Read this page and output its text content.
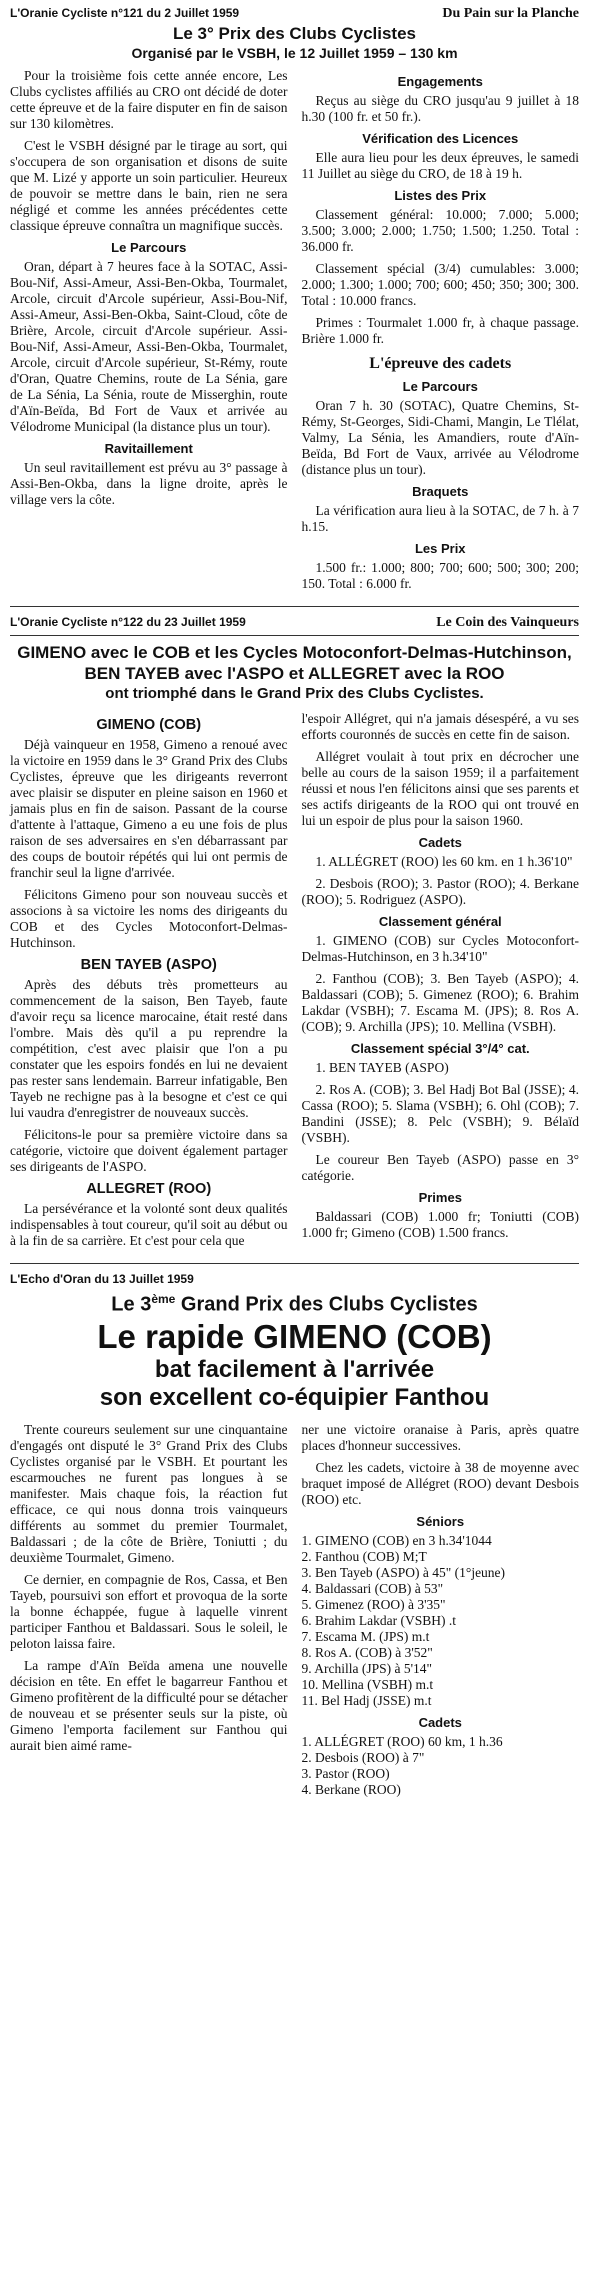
L'Oranie Cycliste n°121 du 2 Juillet 1959	Du Pain sur la Planche
Le 3° Prix des Clubs Cyclistes
Organisé par le VSBH, le 12 Juillet 1959 – 130 km

Pour la troisième fois cette année encore, Les Clubs cyclistes affiliés au CRO ont décidé de doter cette épreuve et de la faire disputer en fin de saison sur 130 kilomètres.

C'est le VSBH désigné par le tirage au sort, qui s'occupera de son organisation et disons de suite que M. Lizé y apporte un soin particulier. Heureux de pouvoir se mettre dans le bain, rien ne sera négligé et comme les années précédentes cette classique épreuve connaîtra un magnifique succès.

Le Parcours

Oran, départ à 7 heures face à la SOTAC, Assi-Bou-Nif, Assi-Ameur, Assi-Ben-Okba, Tourmalet, Arcole, circuit d'Arcole supérieur, Assi-Bou-Nif, Assi-Ameur, Assi-Ben-Okba, Saint-Cloud, côte de Brière, Arcole, circuit d'Arcole supérieur. Assi-Bou-Nif, Assi-Ameur, Assi-Ben-Okba, Tourmalet, Arcole, circuit d'Arcole supérieur, St-Rémy, route d'Oran, Quatre Chemins, route de La Sénia, gare de La Sénia, La Sénia, route de Misserghin, route d'Aïn-Beïda, Bd Fort de Vaux et arrivée au Vélodrome Municipal (la distance plus un tour).

Ravitaillement

Un seul ravitaillement est prévu au 3° passage à Assi-Ben-Okba, dans la ligne droite, après le village vers la côte.

Engagements

Reçus au siège du CRO jusqu'au 9 juillet à 18 h.30 (100 fr. et 50 fr.).

Vérification des Licences

Elle aura lieu pour les deux épreuves, le samedi 11 Juillet au siège du CRO, de 18 à 19 h.

Listes des Prix

Classement général: 10.000; 7.000; 5.000; 3.500; 3.000; 2.000; 1.750; 1.500; 1.250. Total : 36.000 fr.

Classement spécial (3/4) cumulables: 3.000; 2.000; 1.300; 1.000; 700; 600; 450; 350; 300; 300. Total : 10.000 francs.

Primes : Tourmalet 1.000 fr, à chaque passage. Brière 1.000 fr.

L'épreuve des cadets
Le Parcours

Oran 7 h. 30 (SOTAC), Quatre Chemins, St-Rémy, St-Georges, Sidi-Chami, Mangin, Le Tlélat, Valmy, La Sénia, les Amandiers, route d'Aïn-Beïda, Bd Fort de Vaux, arrivée au Vélodrome (distance plus un tour).

Braquets

La vérification aura lieu à la SOTAC, de 7 h. à 7 h.15.

Les Prix

1.500 fr.: 1.000; 800; 700; 600; 500; 300; 200; 150. Total : 6.000 fr.

L'Oranie Cycliste n°122 du 23 Juillet 1959	Le Coin des Vainqueurs
GIMENO avec le COB et les Cycles Motoconfort-Delmas-Hutchinson,
BEN TAYEB avec l'ASPO et ALLEGRET avec la ROO
ont triomphé dans le Grand Prix des Clubs Cyclistes.
GIMENO (COB)

Déjà vainqueur en 1958, Gimeno a renoué avec la victoire en 1959 dans le 3° Grand Prix des Clubs Cyclistes, épreuve que les dirigeants reverront avec plaisir se disputer en pleine saison en 1960 et jamais plus en fin de saison. Passant de la course d'attente à l'attaque, Gimeno a eu une fois de plus raison de ses adversaires en s'en débarrassant par des coups de boutoir répétés qui lui ont permis de franchir seul la ligne d'arrivée.

Félicitons Gimeno pour son nouveau succès et associons à sa victoire les noms des dirigeants du COB et des Cycles Motoconfort-Delmas-Hutchinson.

BEN TAYEB (ASPO)

Après des débuts très prometteurs au commencement de la saison, Ben Tayeb, faute d'avoir reçu sa licence marocaine, était resté dans l'ombre. Mais dès qu'il a pu reprendre la compétition, c'est avec plaisir que l'on a pu constater que les espoirs fondés en lui ne devaient pas rester sans lendemain. Barreur infatigable, Ben Tayeb ne rechigne pas à la besogne et c'est ce qui lui vaudra d'enregistrer de nouveaux succès.

Félicitons-le pour sa première victoire dans sa catégorie, victoire que doivent également partager ses dirigeants de l'ASPO.

ALLEGRET (ROO)

La persévérance et la volonté sont deux qualités indispensables à tout coureur, qu'il soit au début ou à la fin de sa carrière. Et c'est pour cela que

l'espoir Allégret, qui n'a jamais désespéré, a vu ses efforts couronnés de succès en cette fin de saison.

Allégret voulait à tout prix en décrocher une belle au cours de la saison 1959; il a parfaitement réussi et nous l'en félicitons ainsi que ses parents et ses actifs dirigeants de la ROO qui ont trouvé en lui un espoir de plus pour la saison 1960.

Cadets

1. ALLÉGRET (ROO) les 60 km. en 1 h.36'10"

2. Desbois (ROO); 3. Pastor (ROO); 4. Berkane (ROO); 5. Rodriguez (ASPO).

Classement général

1. GIMENO (COB) sur Cycles Motoconfort-Delmas-Hutchinson, en 3 h.34'10"

2. Fanthou (COB); 3. Ben Tayeb (ASPO); 4. Baldassari (COB); 5. Gimenez (ROO); 6. Brahim Lakdar (VSBH); 7. Escama M. (JPS); 8. Ros A. (COB); 9. Archilla (JPS); 10. Mellina (VSBH).

Classement spécial 3°/4° cat.

1. BEN TAYEB (ASPO)

2. Ros A. (COB); 3. Bel Hadj Bot Bal (JSSE); 4. Cassa (ROO); 5. Slama (VSBH); 6. Ohl (COB); 7. Bandini (JSSE); 8. Pelc (VSBH); 9. Bélaïd (VSBH).

Le coureur Ben Tayeb (ASPO) passe en 3° catégorie.

Primes

Baldassari (COB) 1.000 fr; Toniutti (COB) 1.000 fr; Gimeno (COB) 1.500 francs.

L'Echo d'Oran du 13 Juillet 1959
Le 3ème Grand Prix des Clubs Cyclistes
Le rapide GIMENO (COB)
bat facilement à l'arrivée
son excellent co-équipier Fanthou

Trente coureurs seulement sur une cinquantaine d'engagés ont disputé le 3° Grand Prix des Clubs Cyclistes organisé par le VSBH. Et pourtant les escarmouches ne furent pas longues à se manifester. Mais chaque fois, la réaction fut efficace, ce qui nous donna trois vainqueurs différents au sommet du premier Tourmalet, Baldassari ; de la côte de Brière, Toniutti ; du deuxième Tourmalet, Gimeno.

Ce dernier, en compagnie de Ros, Cassa, et Ben Tayeb, poursuivi son effort et provoqua de la sorte la bonne échappée, fugue à laquelle vinrent participer Fanthou et Baldassari. Sous le soleil, le peloton laissa faire.

La rampe d'Aïn Beïda amena une nouvelle décision en tête. En effet le bagarreur Fanthou et Gimeno profitèrent de la difficulté pour se détacher de nouveau et se présenter seuls sur la piste, où Gimeno l'emporta facilement sur Fanthou qui aurait bien aimé rame-

ner une victoire oranaise à Paris, après quatre places d'honneur successives.

Chez les cadets, victoire à 38 de moyenne avec braquet imposé de Allégret (ROO) devant Desbois (ROO) etc.

Séniors
1. GIMENO (COB) en 3 h.34'1044
2. Fanthou (COB) M;T
3. Ben Tayeb (ASPO) à 45" (1°jeune)
4. Baldassari (COB) à 53"
5. Gimenez (ROO) à 3'35"
6. Brahim Lakdar (VSBH) .t
7. Escama M. (JPS) m.t
8. Ros A. (COB) à 3'52"
9. Archilla (JPS) à 5'14"
10. Mellina (VSBH) m.t
11. Bel Hadj (JSSE) m.t
Cadets
1. ALLÉGRET (ROO) 60 km, 1 h.36
2. Desbois (ROO) à 7"
3. Pastor (ROO)
4. Berkane (ROO)
